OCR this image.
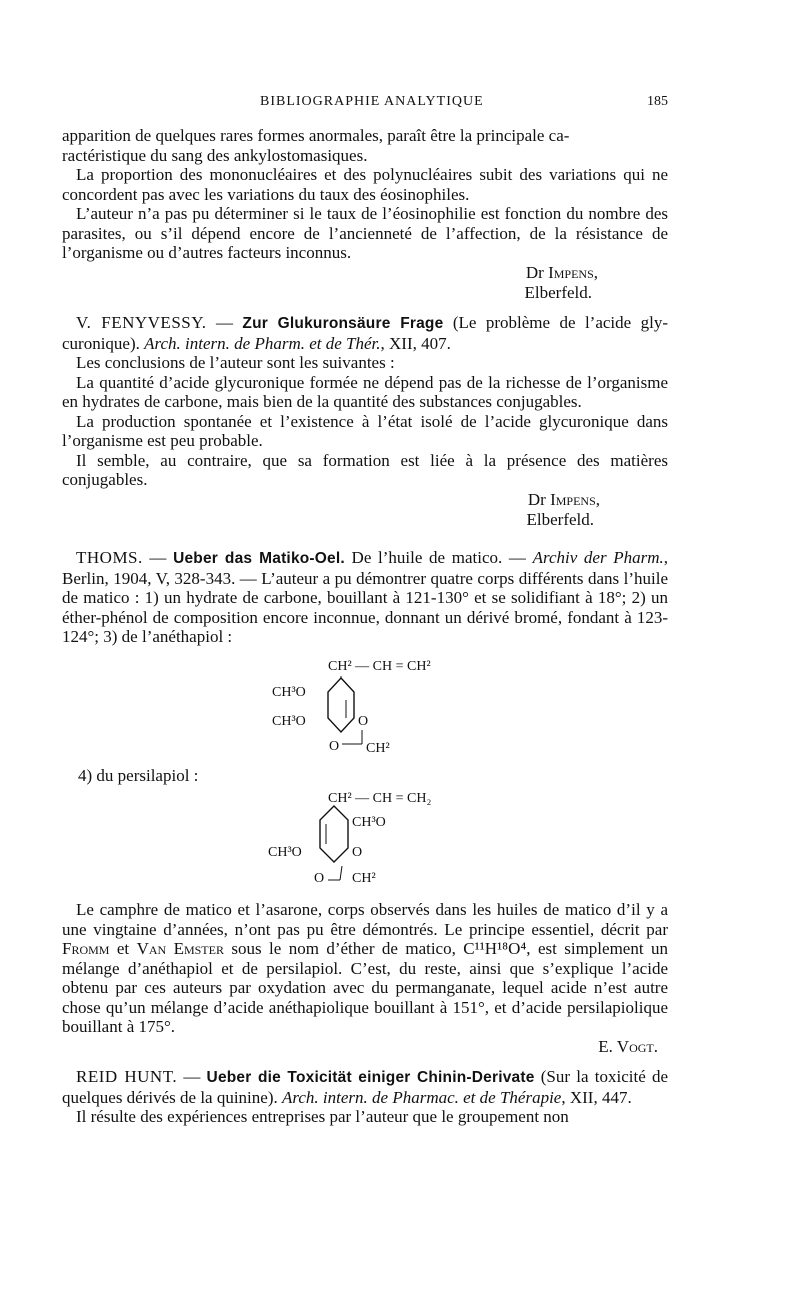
BIBLIOGRAPHIE ANALYTIQUE	185

apparition de quelques rares formes anormales, paraît être la principale ca-
ractéristique du sang des ankylostomasiques.

La proportion des mononucléaires et des polynucléaires subit des variations qui ne concordent pas avec les variations du taux des éosinophiles.

L’auteur n’a pas pu déterminer si le taux de l’éosinophilie est fonction du nombre des parasites, ou s’il dépend encore de l’ancienneté de l’affection, de la résistance de l’organisme ou d’autres facteurs inconnus.

Dr Impens,
Elberfeld.

V. FENYVESSY. — Zur Glukuronsäure Frage (Le problème de l’acide gly-curonique). Arch. intern. de Pharm. et de Thér., XII, 407.

Les conclusions de l’auteur sont les suivantes :

La quantité d’acide glycuronique formée ne dépend pas de la richesse de l’organisme en hydrates de carbone, mais bien de la quantité des substances conjugables.

La production spontanée et l’existence à l’état isolé de l’acide glycuronique dans l’organisme est peu probable.

Il semble, au contraire, que sa formation est liée à la présence des matières conjugables.

Dr Impens,
Elberfeld.

THOMS. — Ueber das Matiko-Oel. De l’huile de matico. — Archiv der Pharm., Berlin, 1904, V, 328-343. — L’auteur a pu démontrer quatre corps différents dans l’huile de matico : 1) un hydrate de carbone, bouillant à 121-130° et se solidifiant à 18°; 2) un éther-phénol de composition encore inconnue, donnant un dérivé bromé, fondant à 123-124°; 3) de l’anéthapiol :

CH² — CH = CH²
CH³O
CH³O	O
O CH²
4) du persilapiol :
CH² — CH = CH₂
CH³O
CH³O	O
O CH²

Le camphre de matico et l’asarone, corps observés dans les huiles de matico d’il y a une vingtaine d’années, n’ont pas pu être démontrés. Le principe essentiel, décrit par Fromm et Van Emster sous le nom d’éther de matico, C¹¹H¹⁸O⁴, est simplement un mélange d’anéthapiol et de persilapiol. C’est, du reste, ainsi que s’explique l’acide obtenu par ces auteurs par oxydation avec du permanganate, lequel acide n’est autre chose qu’un mélange d’acide anéthapiolique bouillant à 151°, et d’acide persilapiolique bouillant à 175°.

E. Vogt.

REID HUNT. — Ueber die Toxicität einiger Chinin-Derivate (Sur la toxicité de quelques dérivés de la quinine). Arch. intern. de Pharmac. et de Thérapie, XII, 447.

Il résulte des expériences entreprises par l’auteur que le groupement non
